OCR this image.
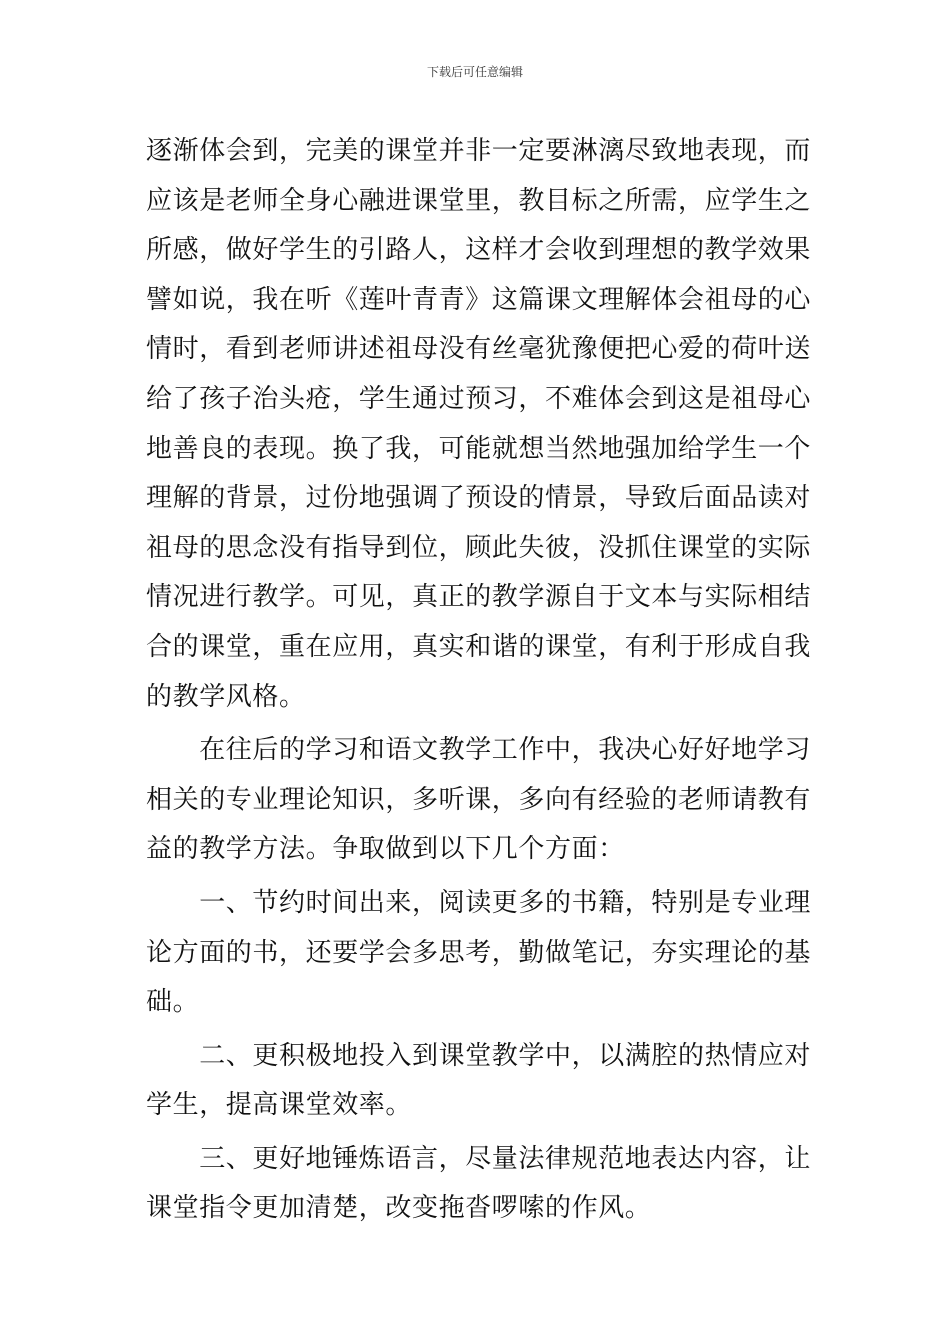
下载后可任意编辑
逐渐体会到，完美的课堂并非一定要淋漓尽致地表现，而
应该是老师全身心融进课堂里，教目标之所需，应学生之
所感，做好学生的引路人，这样才会收到理想的教学效果
譬如说，我在听《莲叶青青》这篇课文理解体会祖母的心
情时，看到老师讲述祖母没有丝毫犹豫便把心爱的荷叶送
给了孩子治头疮，学生通过预习，不难体会到这是祖母心
地善良的表现。换了我，可能就想当然地强加给学生一个
理解的背景，过份地强调了预设的情景，导致后面品读对
祖母的思念没有指导到位，顾此失彼，没抓住课堂的实际
情况进行教学。可见，真正的教学源自于文本与实际相结
合的课堂，重在应用，真实和谐的课堂，有利于形成自我
的教学风格。
　　在往后的学习和语文教学工作中，我决心好好地学习
相关的专业理论知识，多听课，多向有经验的老师请教有
益的教学方法。争取做到以下几个方面：
　　一、节约时间出来，阅读更多的书籍，特别是专业理
论方面的书，还要学会多思考，勤做笔记，夯实理论的基
础。
　　二、更积极地投入到课堂教学中，以满腔的热情应对
学生，提高课堂效率。
　　三、更好地锤炼语言，尽量法律规范地表达内容，让
课堂指令更加清楚，改变拖沓啰嗦的作风。
